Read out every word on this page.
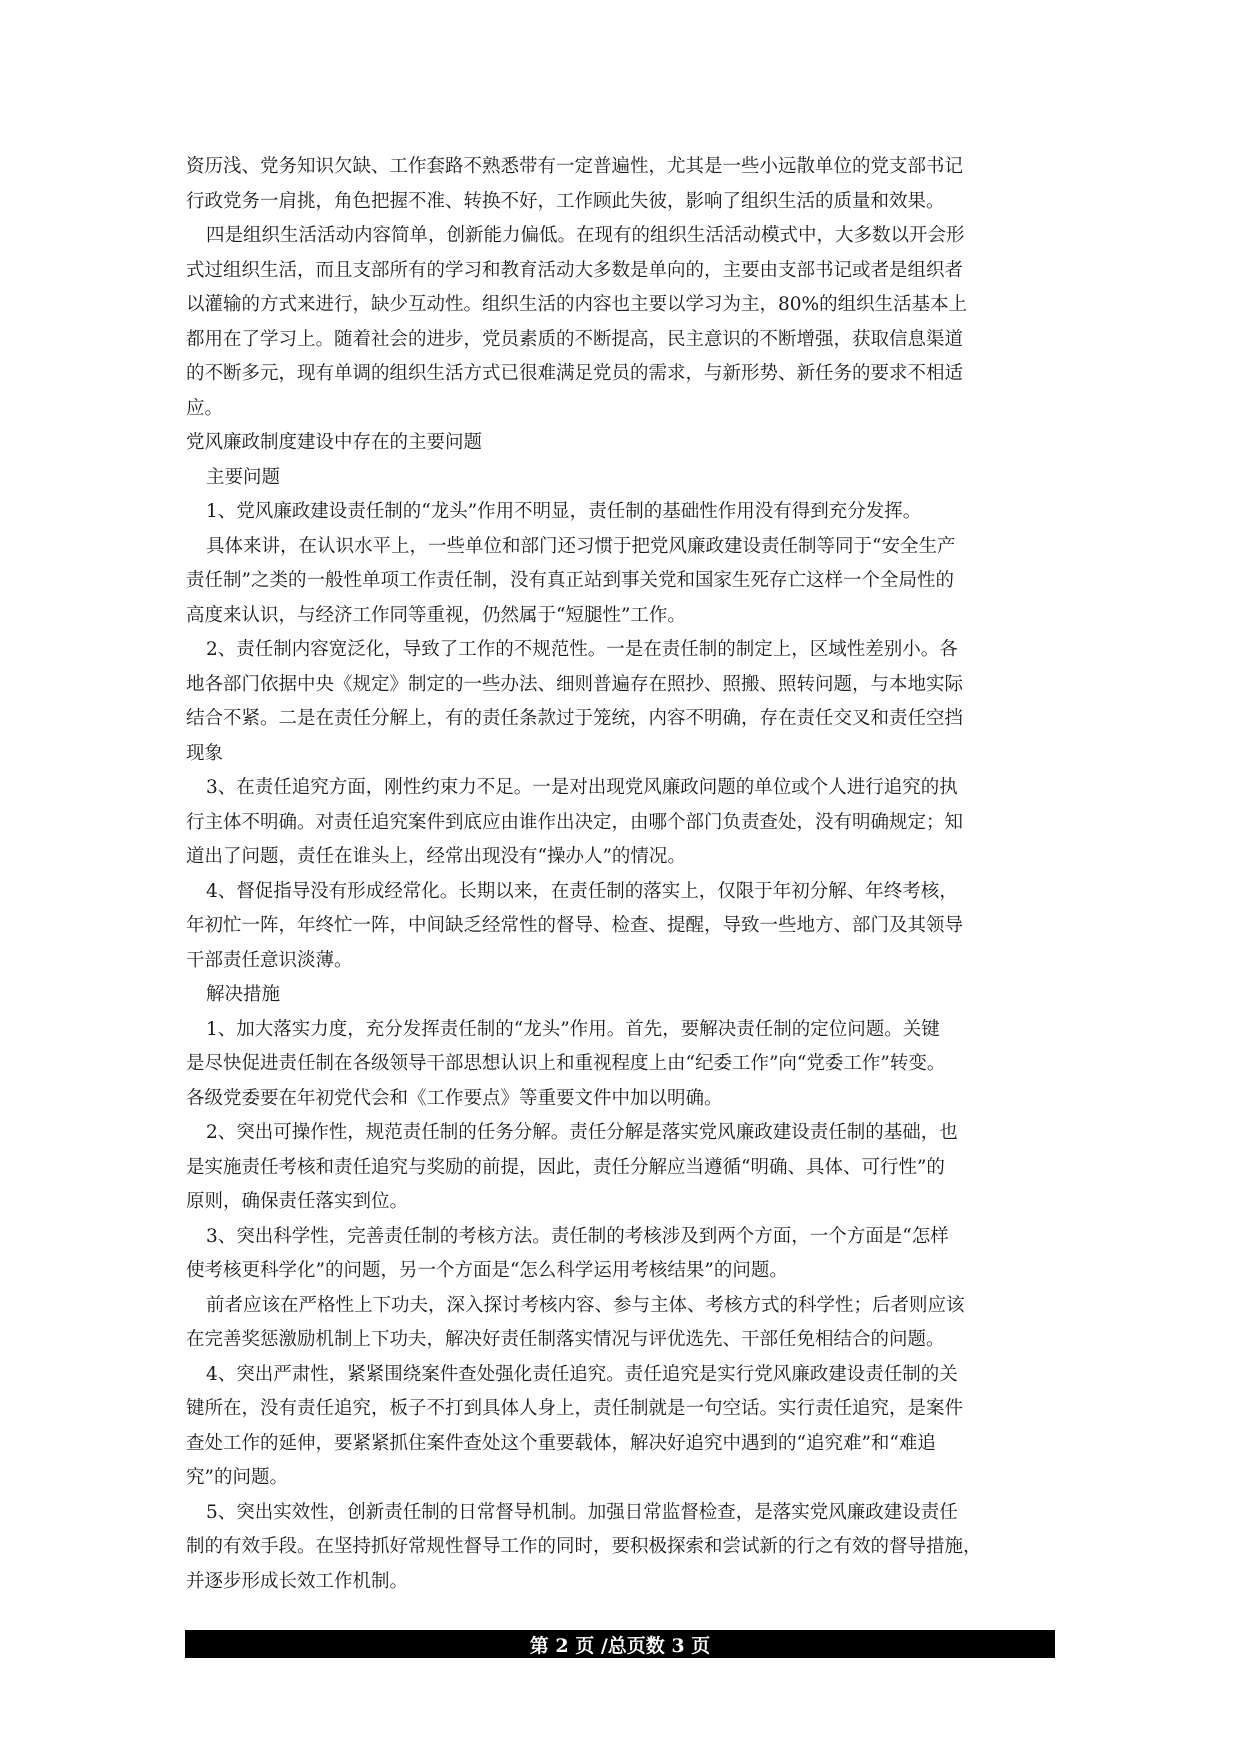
资历浅、党务知识欠缺、工作套路不熟悉带有一定普遍性，尤其是一些小远散单位的党支部书记
行政党务一肩挑，角色把握不准、转换不好，工作顾此失彼，影响了组织生活的质量和效果。
四是组织生活活动内容简单，创新能力偏低。在现有的组织生活活动模式中，大多数以开会形
式过组织生活，而且支部所有的学习和教育活动大多数是单向的，主要由支部书记或者是组织者
以灌输的方式来进行，缺少互动性。组织生活的内容也主要以学习为主，80%的组织生活基本上
都用在了学习上。随着社会的进步，党员素质的不断提高，民主意识的不断增强，获取信息渠道
的不断多元，现有单调的组织生活方式已很难满足党员的需求，与新形势、新任务的要求不相适
应。
党风廉政制度建设中存在的主要问题
主要问题
1、党风廉政建设责任制的“龙头”作用不明显，责任制的基础性作用没有得到充分发挥。
具体来讲，在认识水平上，一些单位和部门还习惯于把党风廉政建设责任制等同于“安全生产
责任制”之类的一般性单项工作责任制，没有真正站到事关党和国家生死存亡这样一个全局性的
高度来认识，与经济工作同等重视，仍然属于“短腿性”工作。
2、责任制内容宽泛化，导致了工作的不规范性。一是在责任制的制定上，区域性差别小。各
地各部门依据中央《规定》制定的一些办法、细则普遍存在照抄、照搬、照转问题，与本地实际
结合不紧。二是在责任分解上，有的责任条款过于笼统，内容不明确，存在责任交叉和责任空挡
现象
3、在责任追究方面，刚性约束力不足。一是对出现党风廉政问题的单位或个人进行追究的执
行主体不明确。对责任追究案件到底应由谁作出决定，由哪个部门负责查处，没有明确规定；知
道出了问题，责任在谁头上，经常出现没有“操办人”的情况。
4、督促指导没有形成经常化。长期以来，在责任制的落实上，仅限于年初分解、年终考核，
年初忙一阵，年终忙一阵，中间缺乏经常性的督导、检查、提醒，导致一些地方、部门及其领导
干部责任意识淡薄。
解决措施
1、加大落实力度，充分发挥责任制的“龙头”作用。首先，要解决责任制的定位问题。关键
是尽快促进责任制在各级领导干部思想认识上和重视程度上由“纪委工作”向“党委工作”转变。
各级党委要在年初党代会和《工作要点》等重要文件中加以明确。
2、突出可操作性，规范责任制的任务分解。责任分解是落实党风廉政建设责任制的基础，也
是实施责任考核和责任追究与奖励的前提，因此，责任分解应当遵循“明确、具体、可行性”的
原则，确保责任落实到位。
3、突出科学性，完善责任制的考核方法。责任制的考核涉及到两个方面，一个方面是“怎样
使考核更科学化”的问题，另一个方面是“怎么科学运用考核结果”的问题。
前者应该在严格性上下功夫，深入探讨考核内容、参与主体、考核方式的科学性；后者则应该
在完善奖惩激励机制上下功夫，解决好责任制落实情况与评优选先、干部任免相结合的问题。
4、突出严肃性，紧紧围绕案件查处强化责任追究。责任追究是实行党风廉政建设责任制的关
键所在，没有责任追究，板子不打到具体人身上，责任制就是一句空话。实行责任追究，是案件
查处工作的延伸，要紧紧抓住案件查处这个重要载体，解决好追究中遇到的“追究难”和“难追
究”的问题。
5、突出实效性，创新责任制的日常督导机制。加强日常监督检查，是落实党风廉政建设责任
制的有效手段。在坚持抓好常规性督导工作的同时，要积极探索和尝试新的行之有效的督导措施，
并逐步形成长效工作机制。
第 2 页 /总页数 3 页
